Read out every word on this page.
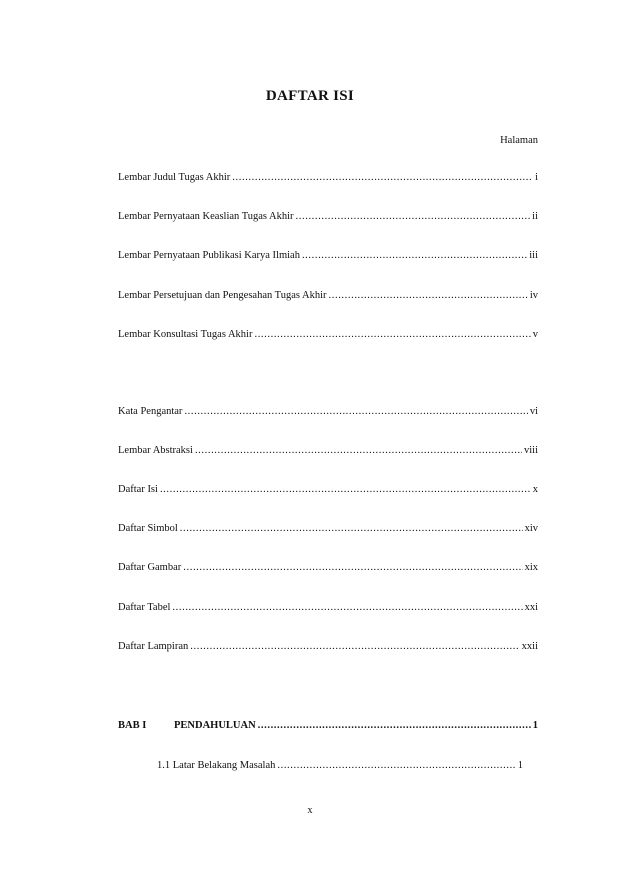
DAFTAR ISI
Halaman
Lembar Judul Tugas Akhir .....	i
Lembar Pernyataan Keaslian Tugas Akhir .....	ii
Lembar Pernyataan Publikasi Karya Ilmiah .....	iii
Lembar Persetujuan dan Pengesahan Tugas Akhir .....	iv
Lembar Konsultasi Tugas Akhir .....	v
Kata Pengantar .....	vi
Lembar Abstraksi .....	viii
Daftar Isi .....	x
Daftar Simbol .....	xiv
Daftar Gambar .....	xix
Daftar Tabel .....	xxi
Daftar Lampiran .....	xxii
BAB I	PENDAHULUAN .....	1
1.1 Latar Belakang Masalah .....	1
x
